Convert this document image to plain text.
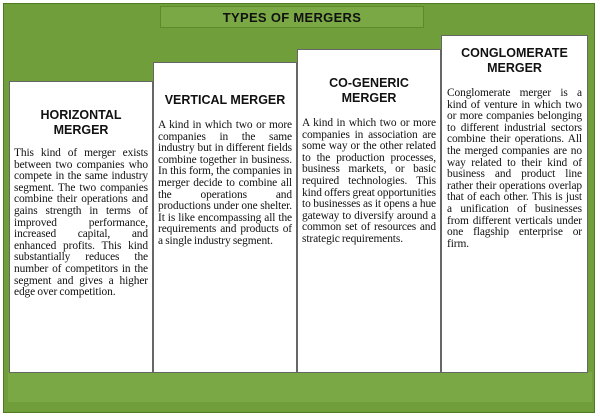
TYPES OF MERGERS
HORIZONTAL MERGER

This kind of merger exists between two companies who compete in the same industry segment. The two companies combine their operations and gains strength in terms of improved performance, increased capital, and enhanced profits. This kind substantially reduces the number of competitors in the segment and gives a higher edge over competition.

VERTICAL MERGER

A kind in which two or more companies in the same industry but in different fields combine together in business. In this form, the companies in merger decide to combine all the operations and productions under one shelter. It is like encompassing all the requirements and products of a single industry segment.

CO-GENERIC MERGER

A kind in which two or more companies in association are some way or the other related to the production processes, business markets, or basic required technologies. This kind offers great opportunities to businesses as it opens a hue gateway to diversify around a common set of resources and strategic requirements.

CONGLOMERATE MERGER

Conglomerate merger is a kind of venture in which two or more companies belonging to different industrial sectors combine their operations. All the merged companies are no way related to their kind of business and product line rather their operations overlap that of each other. This is just a unification of businesses from different verticals under one flagship enterprise or firm.
